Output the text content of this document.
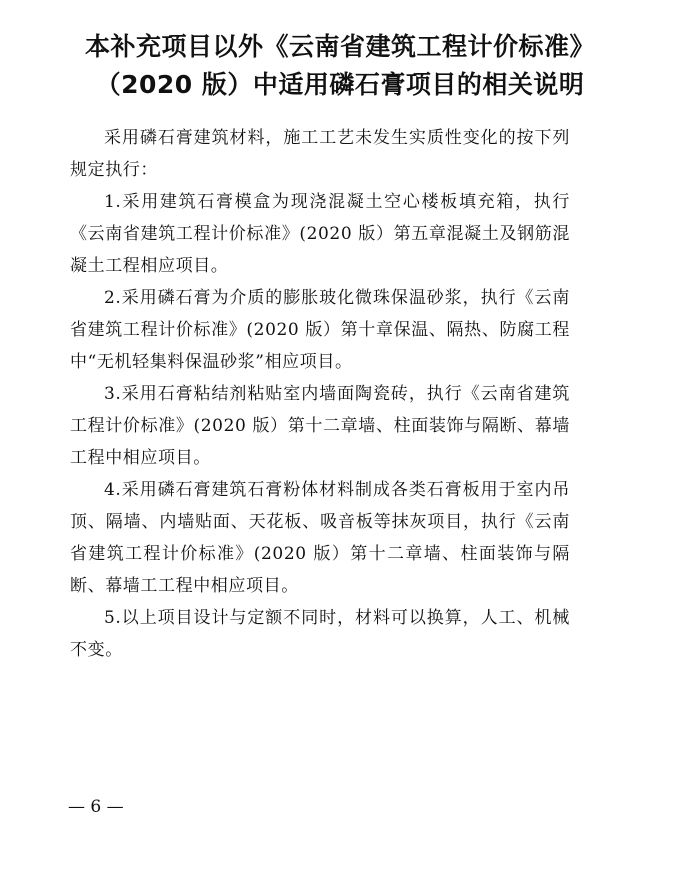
本补充项目以外《云南省建筑工程计价标准》
（2020 版）中适用磷石膏项目的相关说明

采用磷石膏建筑材料，施工工艺未发生实质性变化的按下列规定执行：

1.采用建筑石膏模盒为现浇混凝土空心楼板填充箱，执行《云南省建筑工程计价标准》(2020 版）第五章混凝土及钢筋混凝土工程相应项目。

2.采用磷石膏为介质的膨胀玻化微珠保温砂浆，执行《云南省建筑工程计价标准》(2020 版）第十章保温、隔热、防腐工程中“无机轻集料保温砂浆”相应项目。

3.采用石膏粘结剂粘贴室内墙面陶瓷砖，执行《云南省建筑工程计价标准》(2020 版）第十二章墙、柱面装饰与隔断、幕墙工程中相应项目。

4.采用磷石膏建筑石膏粉体材料制成各类石膏板用于室内吊顶、隔墙、内墙贴面、天花板、吸音板等抹灰项目，执行《云南省建筑工程计价标准》(2020 版）第十二章墙、柱面装饰与隔断、幕墙工工程中相应项目。

5.以上项目设计与定额不同时，材料可以换算，人工、机械不变。

— 6 —
